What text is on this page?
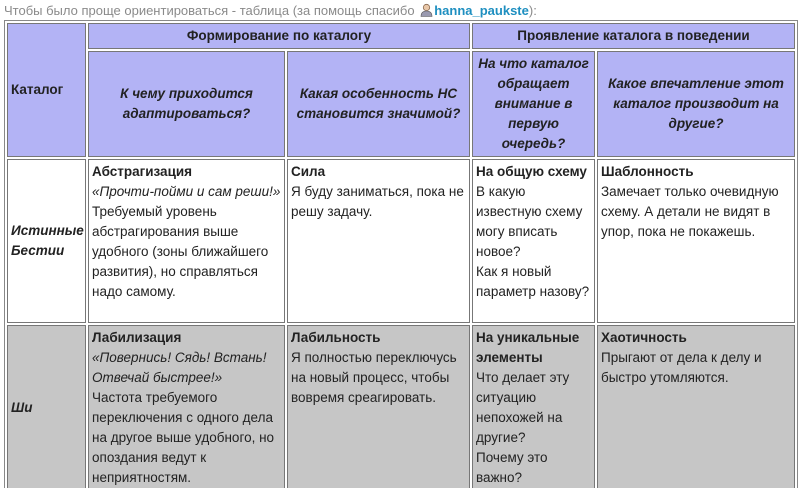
Чтобы было проще ориентироваться - таблица (за помощь спасибо hanna_paukste):
Каталог	Формирование по каталогу		Проявление каталога в поведении	
	К чему приходится адаптироваться?	Какая особенность НС становится значимой?	На что каталог обращает внимание в первую очередь?	Какое впечатление этот каталог производит на другие?
Истинные Бестии	Абстрагизация
«Прочти-пойми и сам реши!»
Требуемый уровень абстрагирования выше удобного (зоны ближайшего развития), но справляться надо самому.	Сила
Я буду заниматься, пока не решу задачу.	На общую схему
В какую известную схему могу вписать новое?
Как я новый параметр назову?	Шаблонность
Замечает только очевидную схему. А детали не видят в упор, пока не покажешь.

Ши	Лабилизация
«Повернись! Сядь! Встань! Отвечай быстрее!»
Частота требуемого переключения с одного дела на другое выше удобного, но опоздания ведут к неприятностям.	Лабильность
Я полностью переключусь на новый процесс, чтобы вовремя среагировать.	На уникальные элементы
Что делает эту ситуацию непохожей на другие?
Почему это важно?	Хаотичность
Прыгают от дела к делу и быстро утомляются.
